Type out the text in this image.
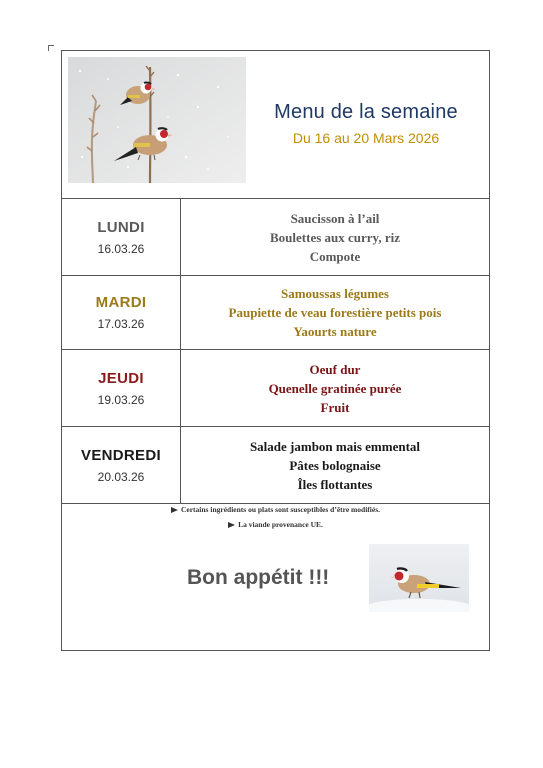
Menu de la semaine
Du 16 au 20 Mars 2026
LUNDI
16.03.26
Saucisson à l’ail
Boulettes aux curry, riz
Compote
MARDI
17.03.26
Samoussas légumes
Paupiette de veau forestière petits pois
Yaourts nature
JEUDI
19.03.26
Oeuf dur
Quenelle gratinée purée
Fruit
VENDREDI
20.03.26
Salade jambon mais emmental
Pâtes bolognaise
Îles flottantes
Certains ingrédients ou plats sont susceptibles d’être modifiés.
La viande provenance UE.
Bon appétit !!!
